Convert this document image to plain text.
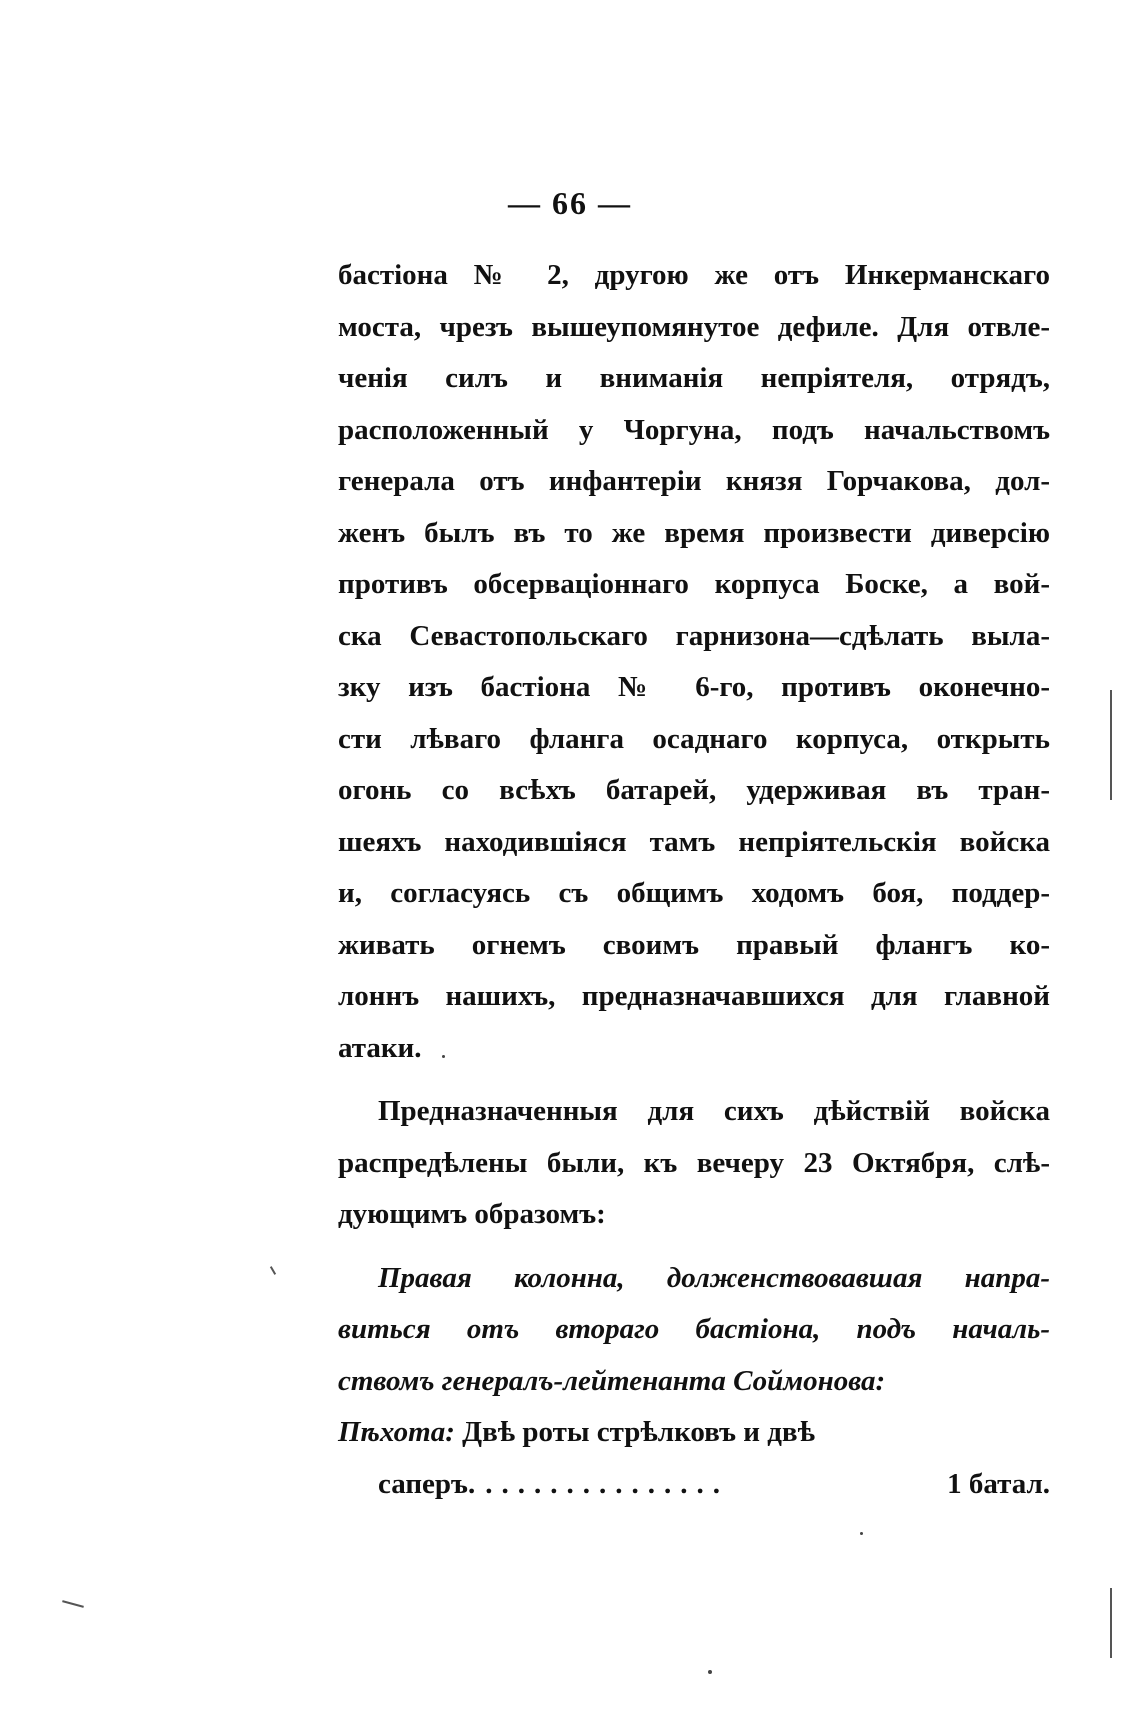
— 66 —
бастіона № 2, другою же отъ Инкерманскаго
моста, чрезъ вышеупомянутое дефиле. Для отвле-
ченія силъ и вниманія непріятеля, отрядъ,
расположенный у Чоргуна, подъ начальствомъ
генерала отъ инфантеріи князя Горчакова, дол-
женъ былъ въ то же время произвести диверсію
противъ обсерваціоннаго корпуса Боске, а вой-
ска Севастопольскаго гарнизона—сдѣлать выла-
зку изъ бастіона № 6-го, противъ оконечно-
сти лѣваго фланга осаднаго корпуса, открыть
огонь со всѣхъ батарей, удерживая въ тран-
шеяхъ находившіяся тамъ непріятельскія войска
и, согласуясь съ общимъ ходомъ боя, поддер-
живать огнемъ своимъ правый флангъ ко-
лоннъ нашихъ, предназначавшихся для главной
атаки.
Предназначенныя для сихъ дѣйствій войска
распредѣлены были, къ вечеру 23 Октября, слѣ-
дующимъ образомъ:
Правая колонна, долженствовавшая напра-
виться отъ втораго бастіона, подъ началь-
ствомъ генералъ-лейтенанта Соймонова:
Пѣхота: Двѣ роты стрѣлковъ и двѣ
саперъ. ...............	1 батал.
